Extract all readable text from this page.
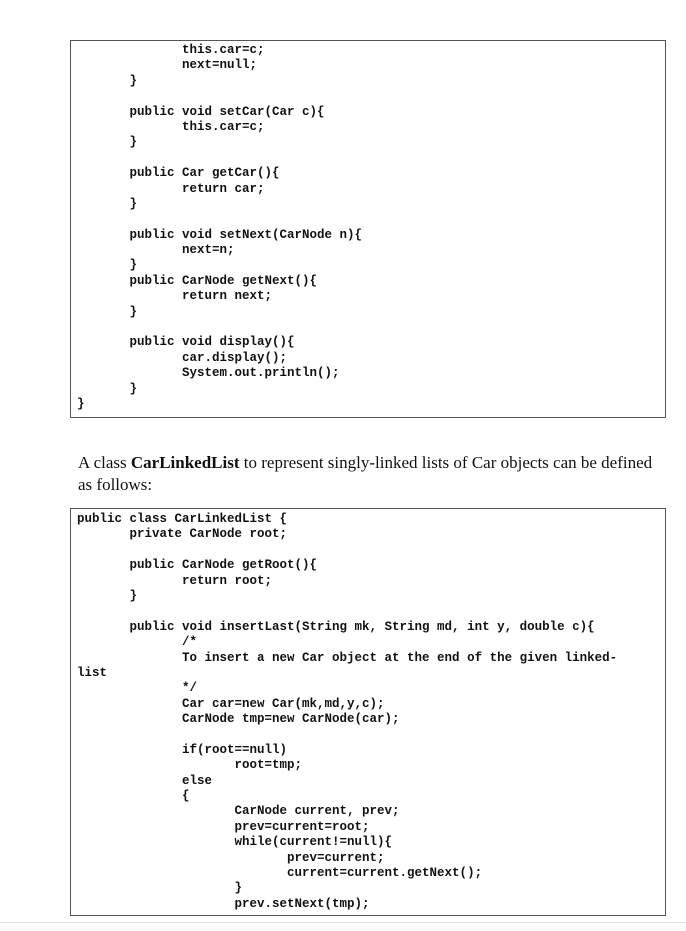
this.car=c;
next=null;
}
public void setCar(Car c){
this.car=c;
}
public Car getCar(){
return car;
}
public void setNext(CarNode n){
next=n;
}
public CarNode getNext(){
return next;
}
public void display(){
car.display();
System.out.println();
}
}

A class CarLinkedList to represent singly-linked lists of Car objects can be defined as follows:

public class CarLinkedList {
private CarNode root;
public CarNode getRoot(){
return root;
}
public void insertLast(String mk, String md, int y, double c){
/*
To insert a new Car object at the end of the given linked-
list
*/
Car car=new Car(mk,md,y,c);
CarNode tmp=new CarNode(car);
if(root==null)
root=tmp;
else
{
CarNode current, prev;
prev=current=root;
while(current!=null){
prev=current;
current=current.getNext();
}
prev.setNext(tmp);
